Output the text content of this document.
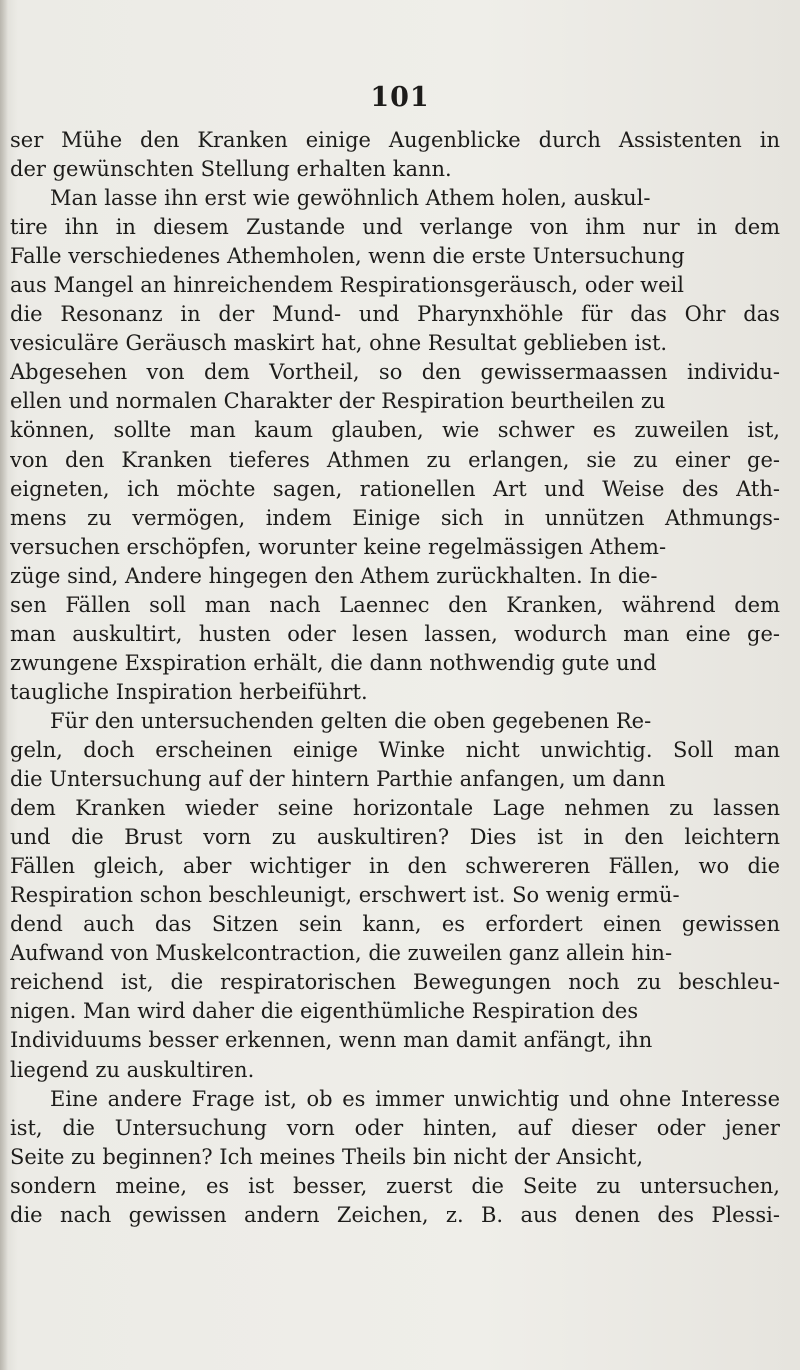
101
ser Mühe den Kranken einige Augenblicke durch Assistenten in
der gewünschten Stellung erhalten kann.
Man lasse ihn erst wie gewöhnlich Athem holen, auskul-
tire ihn in diesem Zustande und verlange von ihm nur in dem
Falle verschiedenes Athemholen, wenn die erste Untersuchung
aus Mangel an hinreichendem Respirationsgeräusch, oder weil
die Resonanz in der Mund- und Pharynxhöhle für das Ohr das
vesiculäre Geräusch maskirt hat, ohne Resultat geblieben ist.
Abgesehen von dem Vortheil, so den gewissermaassen individu-
ellen und normalen Charakter der Respiration beurtheilen zu
können, sollte man kaum glauben, wie schwer es zuweilen ist,
von den Kranken tieferes Athmen zu erlangen, sie zu einer ge-
eigneten, ich möchte sagen, rationellen Art und Weise des Ath-
mens zu vermögen, indem Einige sich in unnützen Athmungs-
versuchen erschöpfen, worunter keine regelmässigen Athem-
züge sind, Andere hingegen den Athem zurückhalten. In die-
sen Fällen soll man nach Laennec den Kranken, während dem
man auskultirt, husten oder lesen lassen, wodurch man eine ge-
zwungene Exspiration erhält, die dann nothwendig gute und
taugliche Inspiration herbeiführt.
Für den untersuchenden gelten die oben gegebenen Re-
geln, doch erscheinen einige Winke nicht unwichtig. Soll man
die Untersuchung auf der hintern Parthie anfangen, um dann
dem Kranken wieder seine horizontale Lage nehmen zu lassen
und die Brust vorn zu auskultiren? Dies ist in den leichtern
Fällen gleich, aber wichtiger in den schwereren Fällen, wo die
Respiration schon beschleunigt, erschwert ist. So wenig ermü-
dend auch das Sitzen sein kann, es erfordert einen gewissen
Aufwand von Muskelcontraction, die zuweilen ganz allein hin-
reichend ist, die respiratorischen Bewegungen noch zu beschleu-
nigen. Man wird daher die eigenthümliche Respiration des
Individuums besser erkennen, wenn man damit anfängt, ihn
liegend zu auskultiren.
Eine andere Frage ist, ob es immer unwichtig und ohne Interesse
ist, die Untersuchung vorn oder hinten, auf dieser oder jener
Seite zu beginnen? Ich meines Theils bin nicht der Ansicht,
sondern meine, es ist besser, zuerst die Seite zu untersuchen,
die nach gewissen andern Zeichen, z. B. aus denen des Plessi-
